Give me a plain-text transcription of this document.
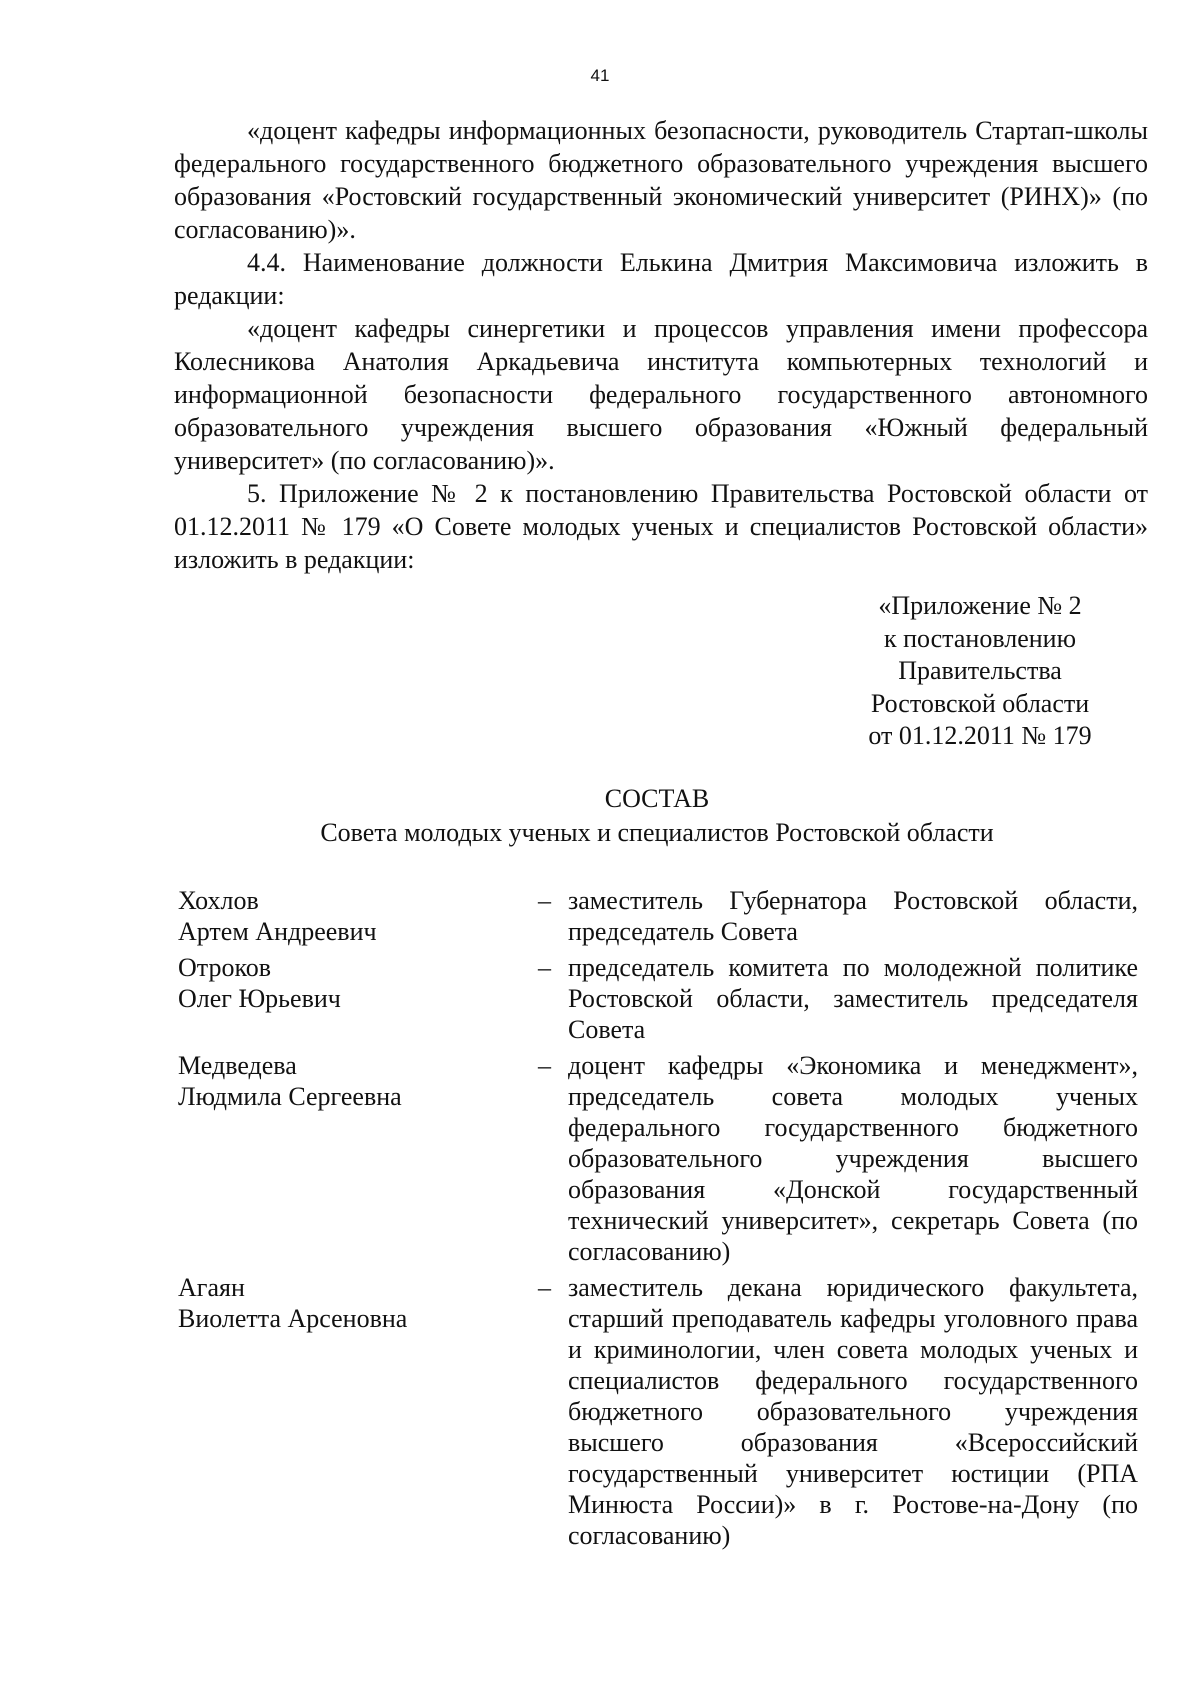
41

«доцент кафедры информационных безопасности, руководитель Стартап-школы федерального государственного бюджетного образовательного учреждения высшего образования «Ростовский государственный экономический университет (РИНХ)» (по согласованию)».

4.4. Наименование должности Елькина Дмитрия Максимовича изложить в редакции:

«доцент кафедры синергетики и процессов управления имени профессора Колесникова Анатолия Аркадьевича института компьютерных технологий и информационной безопасности федерального государственного автономного образовательного учреждения высшего образования «Южный федеральный университет» (по согласованию)».

5. Приложение № 2 к постановлению Правительства Ростовской области от 01.12.2011 № 179 «О Совете молодых ученых и специалистов Ростовской области» изложить в редакции:

«Приложение № 2
к постановлению
Правительства
Ростовской области
от 01.12.2011 № 179
СОСТАВ
Совета молодых ученых и специалистов Ростовской области
Хохлов
Артем Андреевич
– заместитель Губернатора Ростовской области, председатель Совета
Отроков
Олег Юрьевич
– председатель комитета по молодежной политике Ростовской области, заместитель председателя Совета
Медведева
Людмила Сергеевна
– доцент кафедры «Экономика и менеджмент», председатель совета молодых ученых федерального государственного бюджетного образовательного учреждения высшего образования «Донской государственный технический университет», секретарь Совета (по согласованию)
Агаян
Виолетта Арсеновна
– заместитель декана юридического факультета, старший преподаватель кафедры уголовного права и криминологии, член совета молодых ученых и специалистов федерального государственного бюджетного образовательного учреждения высшего образования «Всероссийский государственный университет юстиции (РПА Минюста России)» в г. Ростове-на-Дону (по согласованию)
